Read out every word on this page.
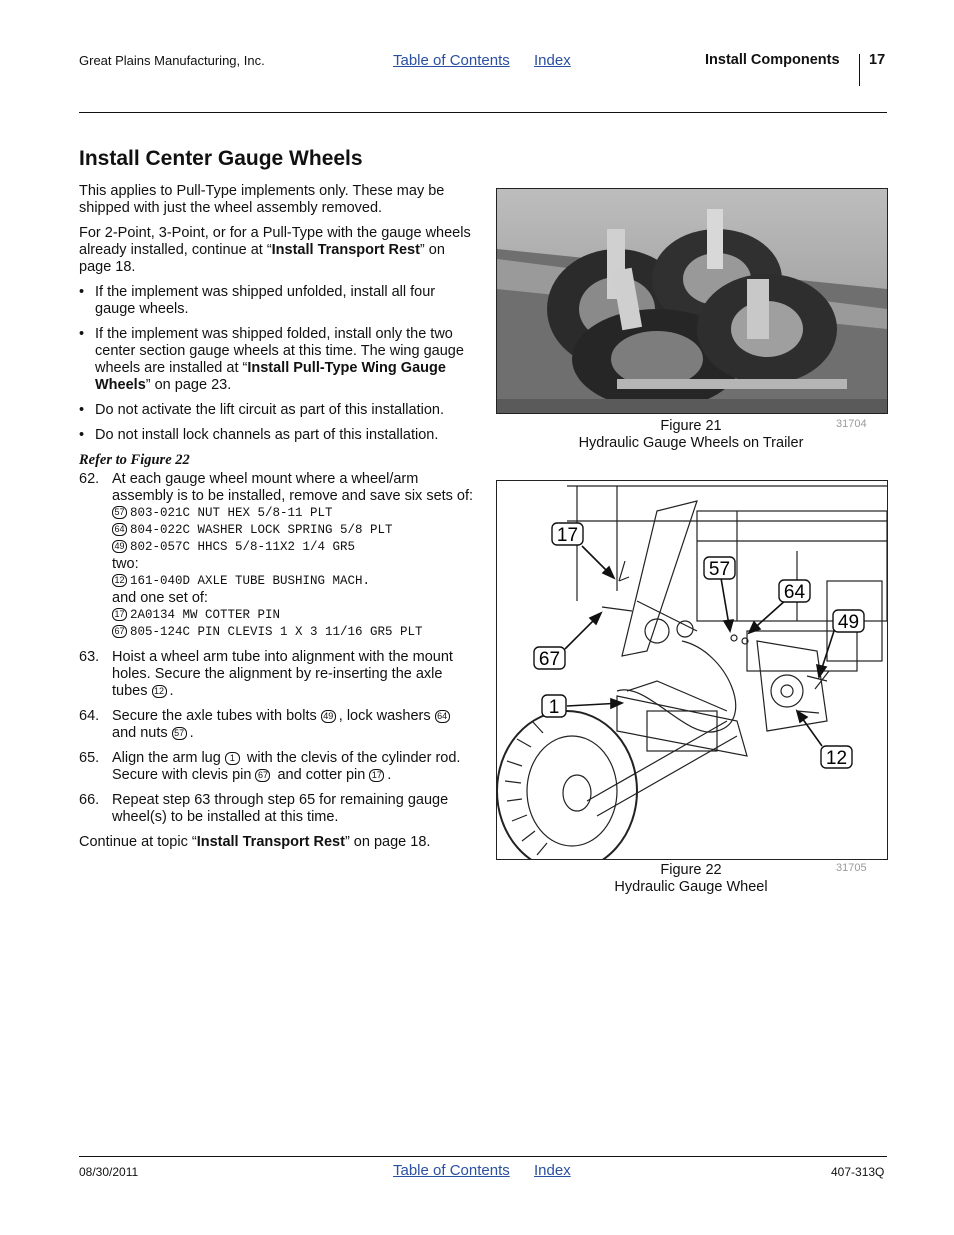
Great Plains Manufacturing, Inc.	Table of Contents Index	Install Components 17
Install Center Gauge Wheels

This applies to Pull-Type implements only. These may be shipped with just the wheel assembly removed.

For 2-Point, 3-Point, or for a Pull-Type with the gauge wheels already installed, continue at “Install Transport Rest” on page 18.

• If the implement was shipped unfolded, install all four gauge wheels.
• If the implement was shipped folded, install only the two center section gauge wheels at this time. The wing gauge wheels are installed at “Install Pull-Type Wing Gauge Wheels” on page 23.
• Do not activate the lift circuit as part of this installation.
• Do not install lock channels as part of this installation.

Refer to Figure 22

62. At each gauge wheel mount where a wheel/arm assembly is to be installed, remove and save six sets of:
57 803-021C NUT HEX 5/8-11 PLT
64 804-022C WASHER LOCK SPRING 5/8 PLT
49 802-057C HHCS 5/8-11X2 1/4 GR5
two:
12 161-040D AXLE TUBE BUSHING MACH.
and one set of:
17 2A0134 MW COTTER PIN
67 805-124C PIN CLEVIS 1 X 3 11/16 GR5 PLT
63. Hoist a wheel arm tube into alignment with the mount holes. Secure the alignment by re-inserting the axle tubes 12 .
64. Secure the axle tubes with bolts 49 , lock washers 64 and nuts 57 .
65. Align the arm lug 1 with the clevis of the cylinder rod. Secure with clevis pin 67 and cotter pin 17 .
66. Repeat step 63 through step 65 for remaining gauge wheel(s) to be installed at this time.

Continue at topic “Install Transport Rest” on page 18.

Figure 21
Hydraulic Gauge Wheels on Trailer
31704
17
57
64
49
67
1
12
Figure 22
Hydraulic Gauge Wheel
31705
08/30/2011	Table of Contents Index	407-313Q
